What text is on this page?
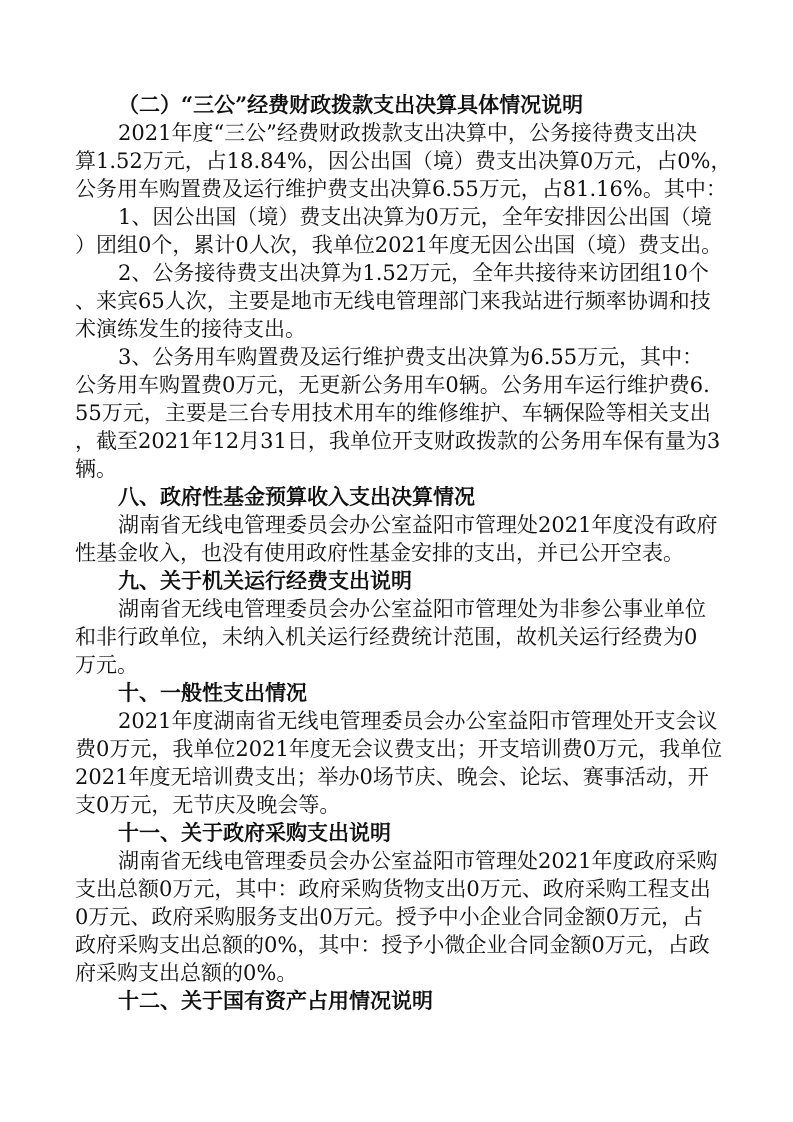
（二）“三公”经费财政拨款支出决算具体情况说明
2021年度“三公”经费财政拨款支出决算中，公务接待费支出决
算1.52万元，占18.84%，因公出国（境）费支出决算0万元，占0%，
公务用车购置费及运行维护费支出决算6.55万元，占81.16%。其中：
1、因公出国（境）费支出决算为0万元，全年安排因公出国（境
）团组0个，累计0人次，我单位2021年度无因公出国（境）费支出。
2、公务接待费支出决算为1.52万元，全年共接待来访团组10个
、来宾65人次，主要是地市无线电管理部门来我站进行频率协调和技
术演练发生的接待支出。
3、公务用车购置费及运行维护费支出决算为6.55万元，其中：
公务用车购置费0万元，无更新公务用车0辆。公务用车运行维护费6.
55万元，主要是三台专用技术用车的维修维护、车辆保险等相关支出
，截至2021年12月31日，我单位开支财政拨款的公务用车保有量为3
辆。
八、政府性基金预算收入支出决算情况
湖南省无线电管理委员会办公室益阳市管理处2021年度没有政府
性基金收入，也没有使用政府性基金安排的支出，并已公开空表。
九、关于机关运行经费支出说明
湖南省无线电管理委员会办公室益阳市管理处为非参公事业单位
和非行政单位，未纳入机关运行经费统计范围，故机关运行经费为0
万元。
十、一般性支出情况
2021年度湖南省无线电管理委员会办公室益阳市管理处开支会议
费0万元，我单位2021年度无会议费支出；开支培训费0万元，我单位
2021年度无培训费支出；举办0场节庆、晚会、论坛、赛事活动，开
支0万元，无节庆及晚会等。
十一、关于政府采购支出说明
湖南省无线电管理委员会办公室益阳市管理处2021年度政府采购
支出总额0万元，其中：政府采购货物支出0万元、政府采购工程支出
0万元、政府采购服务支出0万元。授予中小企业合同金额0万元，占
政府采购支出总额的0%，其中：授予小微企业合同金额0万元，占政
府采购支出总额的0%。
十二、关于国有资产占用情况说明
